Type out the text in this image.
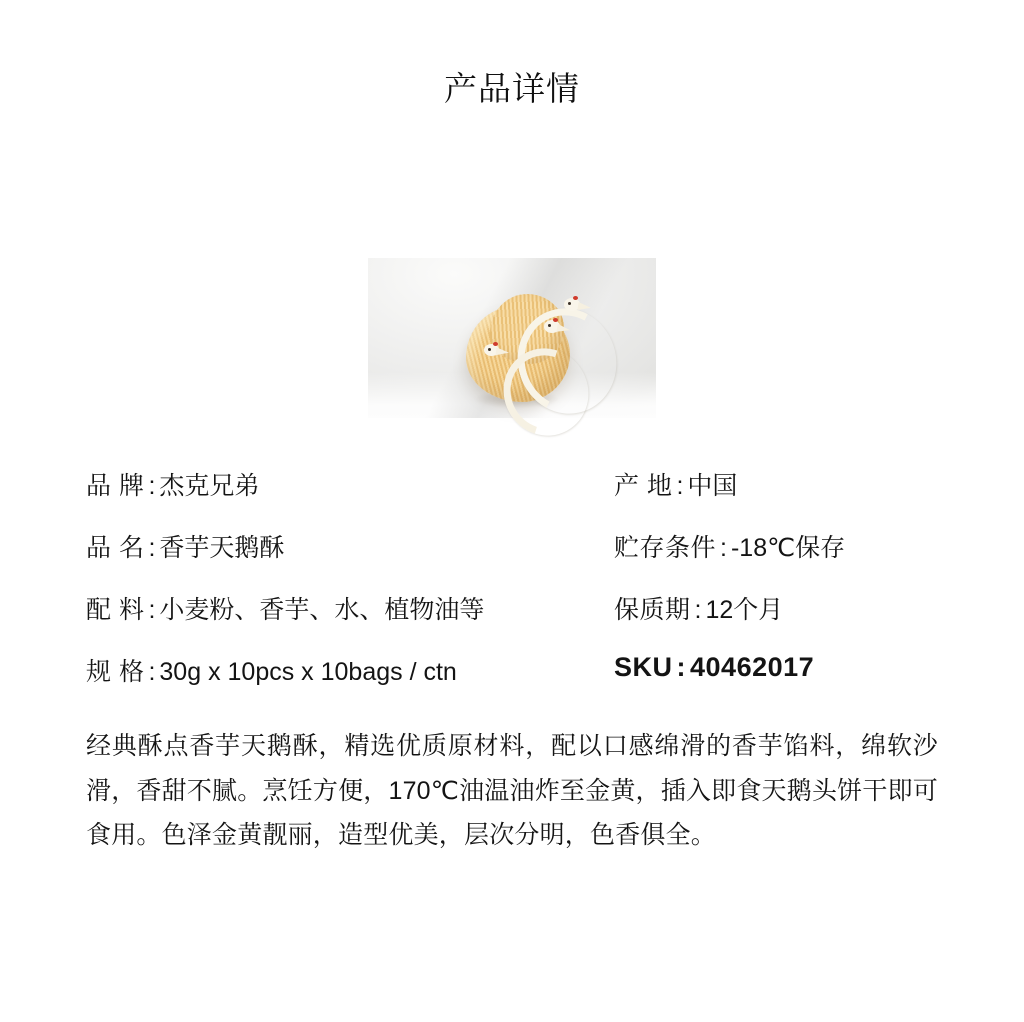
产品详情
品 牌 : 杰克兄弟	产 地 : 中国
品 名 : 香芋天鹅酥	贮存条件 : -18℃保存
配 料 : 小麦粉、香芋、水、植物油等	保质期 : 12个月
规 格 : 30g x 10pcs x 10bags / ctn	SKU : 40462017
经典酥点香芋天鹅酥，精选优质原材料，配以口感绵滑的香芋馅料，绵软沙滑，香甜不腻。烹饪方便，170℃油温油炸至金黄，插入即食天鹅头饼干即可食用。色泽金黄靓丽，造型优美，层次分明，色香俱全。
